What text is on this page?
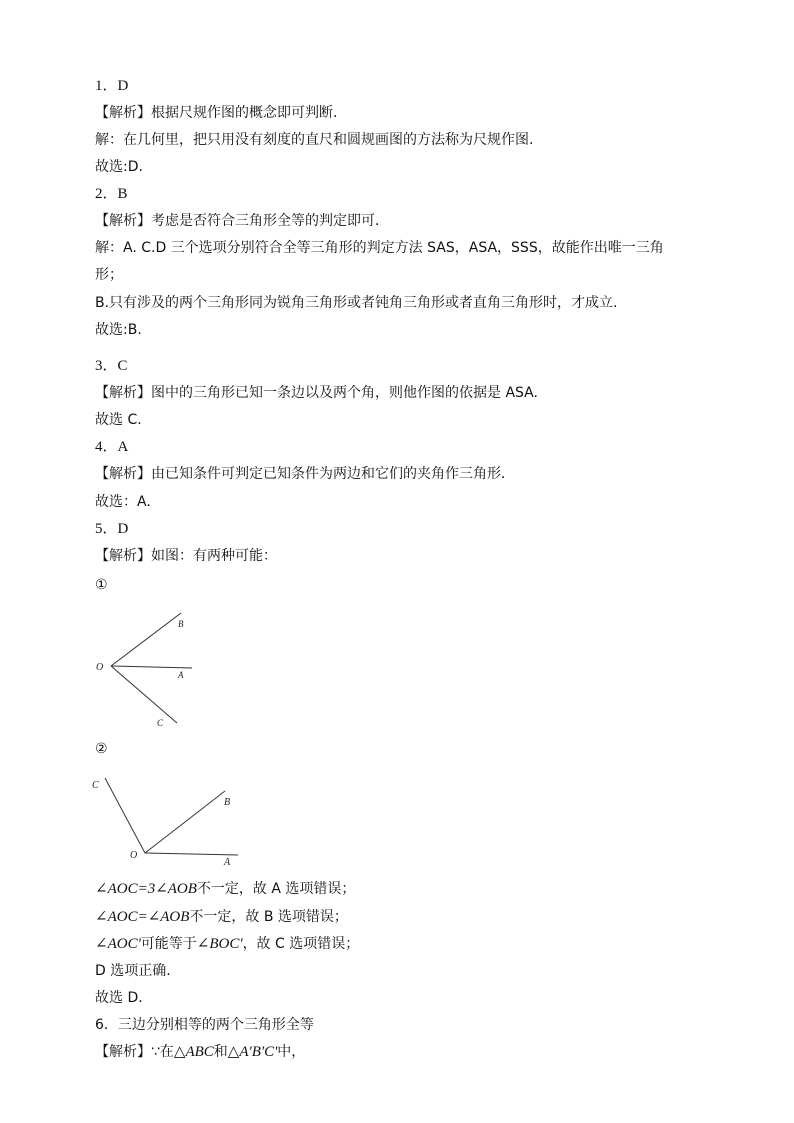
1．D
【解析】根据尺规作图的概念即可判断.
解：在几何里，把只用没有刻度的直尺和圆规画图的方法称为尺规作图.
故选:D.
2．B
【解析】考虑是否符合三角形全等的判定即可．
解：A. C.D 三个选项分别符合全等三角形的判定方法 SAS，ASA，SSS，故能作出唯一三角
形；
B.只有涉及的两个三角形同为锐角三角形或者钝角三角形或者直角三角形时，才成立.
故选:B.
3．C
【解析】图中的三角形已知一条边以及两个角，则他作图的依据是 ASA.
故选 C.
4．A
【解析】由已知条件可判定已知条件为两边和它们的夹角作三角形．
故选：A.
5．D
【解析】如图：有两种可能：
①
O
B
A
C
②
C
B
O
A
∠AOC=3∠AOB不一定，故 A 选项错误；
∠AOC=∠AOB不一定，故 B 选项错误；
∠AOC'可能等于∠BOC'，故 C 选项错误；
D 选项正确.
故选 D.
6．三边分别相等的两个三角形全等
【解析】∵在△ABC和△A'B'C'中，
